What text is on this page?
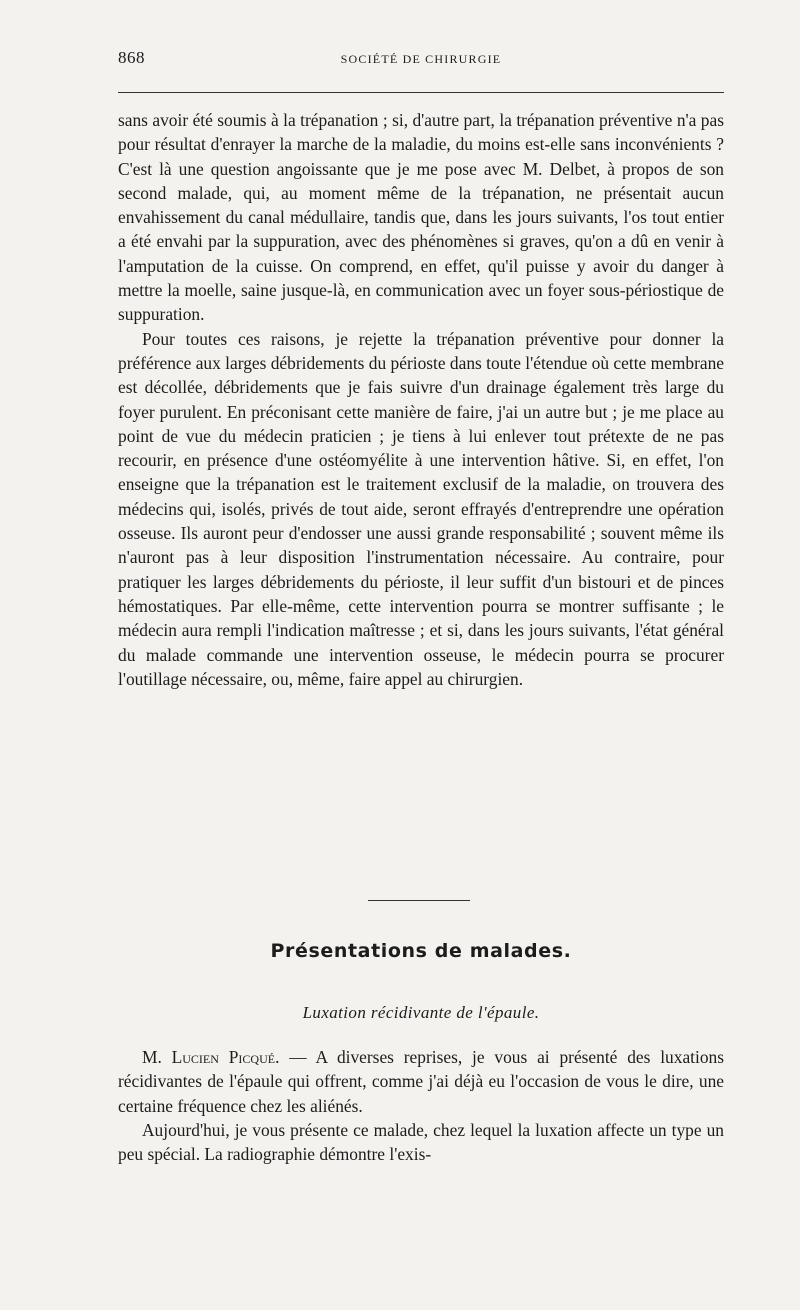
868	SOCIÉTÉ DE CHIRURGIE

sans avoir été soumis à la trépanation ; si, d'autre part, la trépanation préventive n'a pas pour résultat d'enrayer la marche de la maladie, du moins est-elle sans inconvénients ? C'est là une question angoissante que je me pose avec M. Delbet, à propos de son second malade, qui, au moment même de la trépanation, ne présentait aucun envahissement du canal médullaire, tandis que, dans les jours suivants, l'os tout entier a été envahi par la suppuration, avec des phénomènes si graves, qu'on a dû en venir à l'amputation de la cuisse. On comprend, en effet, qu'il puisse y avoir du danger à mettre la moelle, saine jusque-là, en communication avec un foyer sous-périostique de suppuration.

Pour toutes ces raisons, je rejette la trépanation préventive pour donner la préférence aux larges débridements du périoste dans toute l'étendue où cette membrane est décollée, débridements que je fais suivre d'un drainage également très large du foyer purulent. En préconisant cette manière de faire, j'ai un autre but ; je me place au point de vue du médecin praticien ; je tiens à lui enlever tout prétexte de ne pas recourir, en présence d'une ostéomyélite à une intervention hâtive. Si, en effet, l'on enseigne que la trépanation est le traitement exclusif de la maladie, on trouvera des médecins qui, isolés, privés de tout aide, seront effrayés d'entreprendre une opération osseuse. Ils auront peur d'endosser une aussi grande responsabilité ; souvent même ils n'auront pas à leur disposition l'instrumentation nécessaire. Au contraire, pour pratiquer les larges débridements du périoste, il leur suffit d'un bistouri et de pinces hémostatiques. Par elle-même, cette intervention pourra se montrer suffisante ; le médecin aura rempli l'indication maîtresse ; et si, dans les jours suivants, l'état général du malade commande une intervention osseuse, le médecin pourra se procurer l'outillage nécessaire, ou, même, faire appel au chirurgien.

Présentations de malades.
Luxation récidivante de l'épaule.

M. Lucien Picqué. — A diverses reprises, je vous ai présenté des luxations récidivantes de l'épaule qui offrent, comme j'ai déjà eu l'occasion de vous le dire, une certaine fréquence chez les aliénés.

Aujourd'hui, je vous présente ce malade, chez lequel la luxation affecte un type un peu spécial. La radiographie démontre l'exis-
